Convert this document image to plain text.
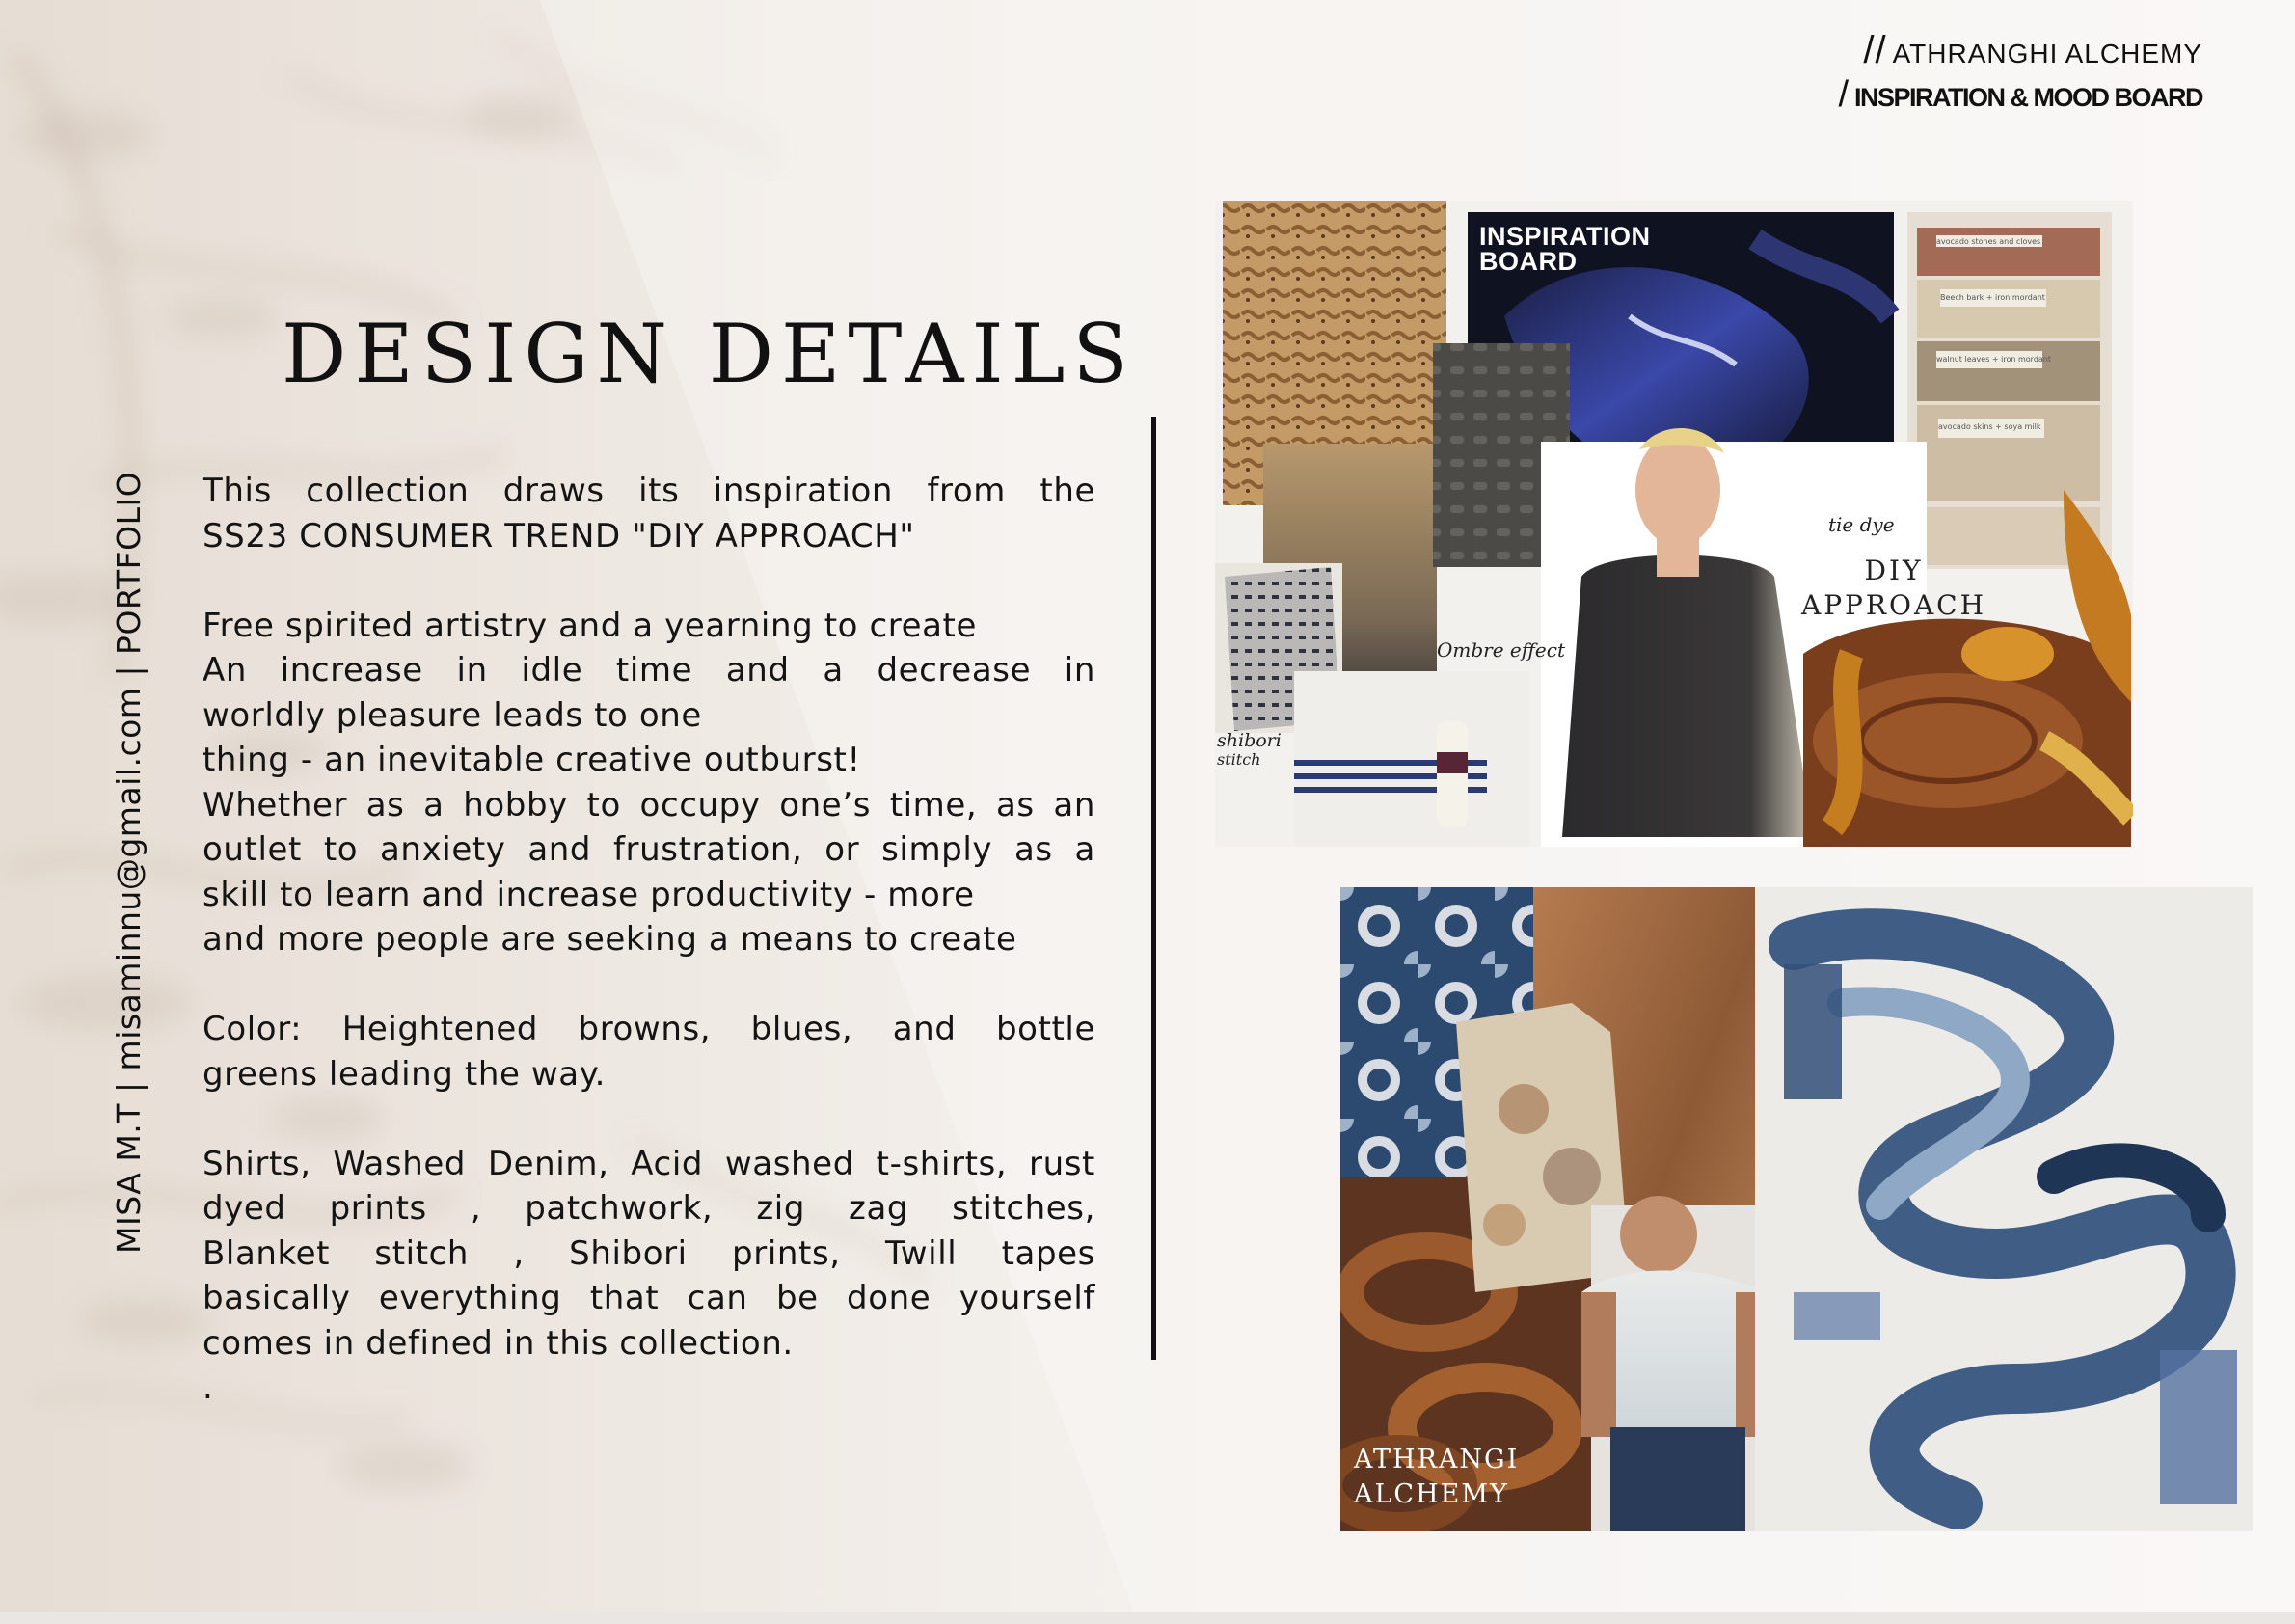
// ATHRANGHI ALCHEMY
/ INSPIRATION & MOOD BOARD
MISA M.T | misaminnu@gmail.com | PORTFOLIO
DESIGN DETAILS

This collection draws its inspiration from the

SS23 CONSUMER TREND "DIY APPROACH"

Free spirited artistry and a yearning to create

An increase in idle time and a decrease in

worldly pleasure leads to one

thing - an inevitable creative outburst!

Whether as a hobby to occupy one’s time, as an

outlet to anxiety and frustration, or simply as a

skill to learn and increase productivity - more

and more people are seeking a means to create

Color: Heightened browns, blues, and bottle

greens leading the way.

Shirts, Washed Denim, Acid washed t-shirts, rust

dyed prints , patchwork, zig zag stitches,

Blanket stitch , Shibori prints, Twill tapes

basically everything that can be done yourself

comes in defined in this collection.

.

INSPIRATION
BOARD
tie dye
DIY
APPROACH
Ombre effect
shibori
stitch
avocado stones and cloves
Beech bark + iron mordant
walnut leaves + iron mordant
avocado skins + soya milk
ATHRANGI
ALCHEMY
